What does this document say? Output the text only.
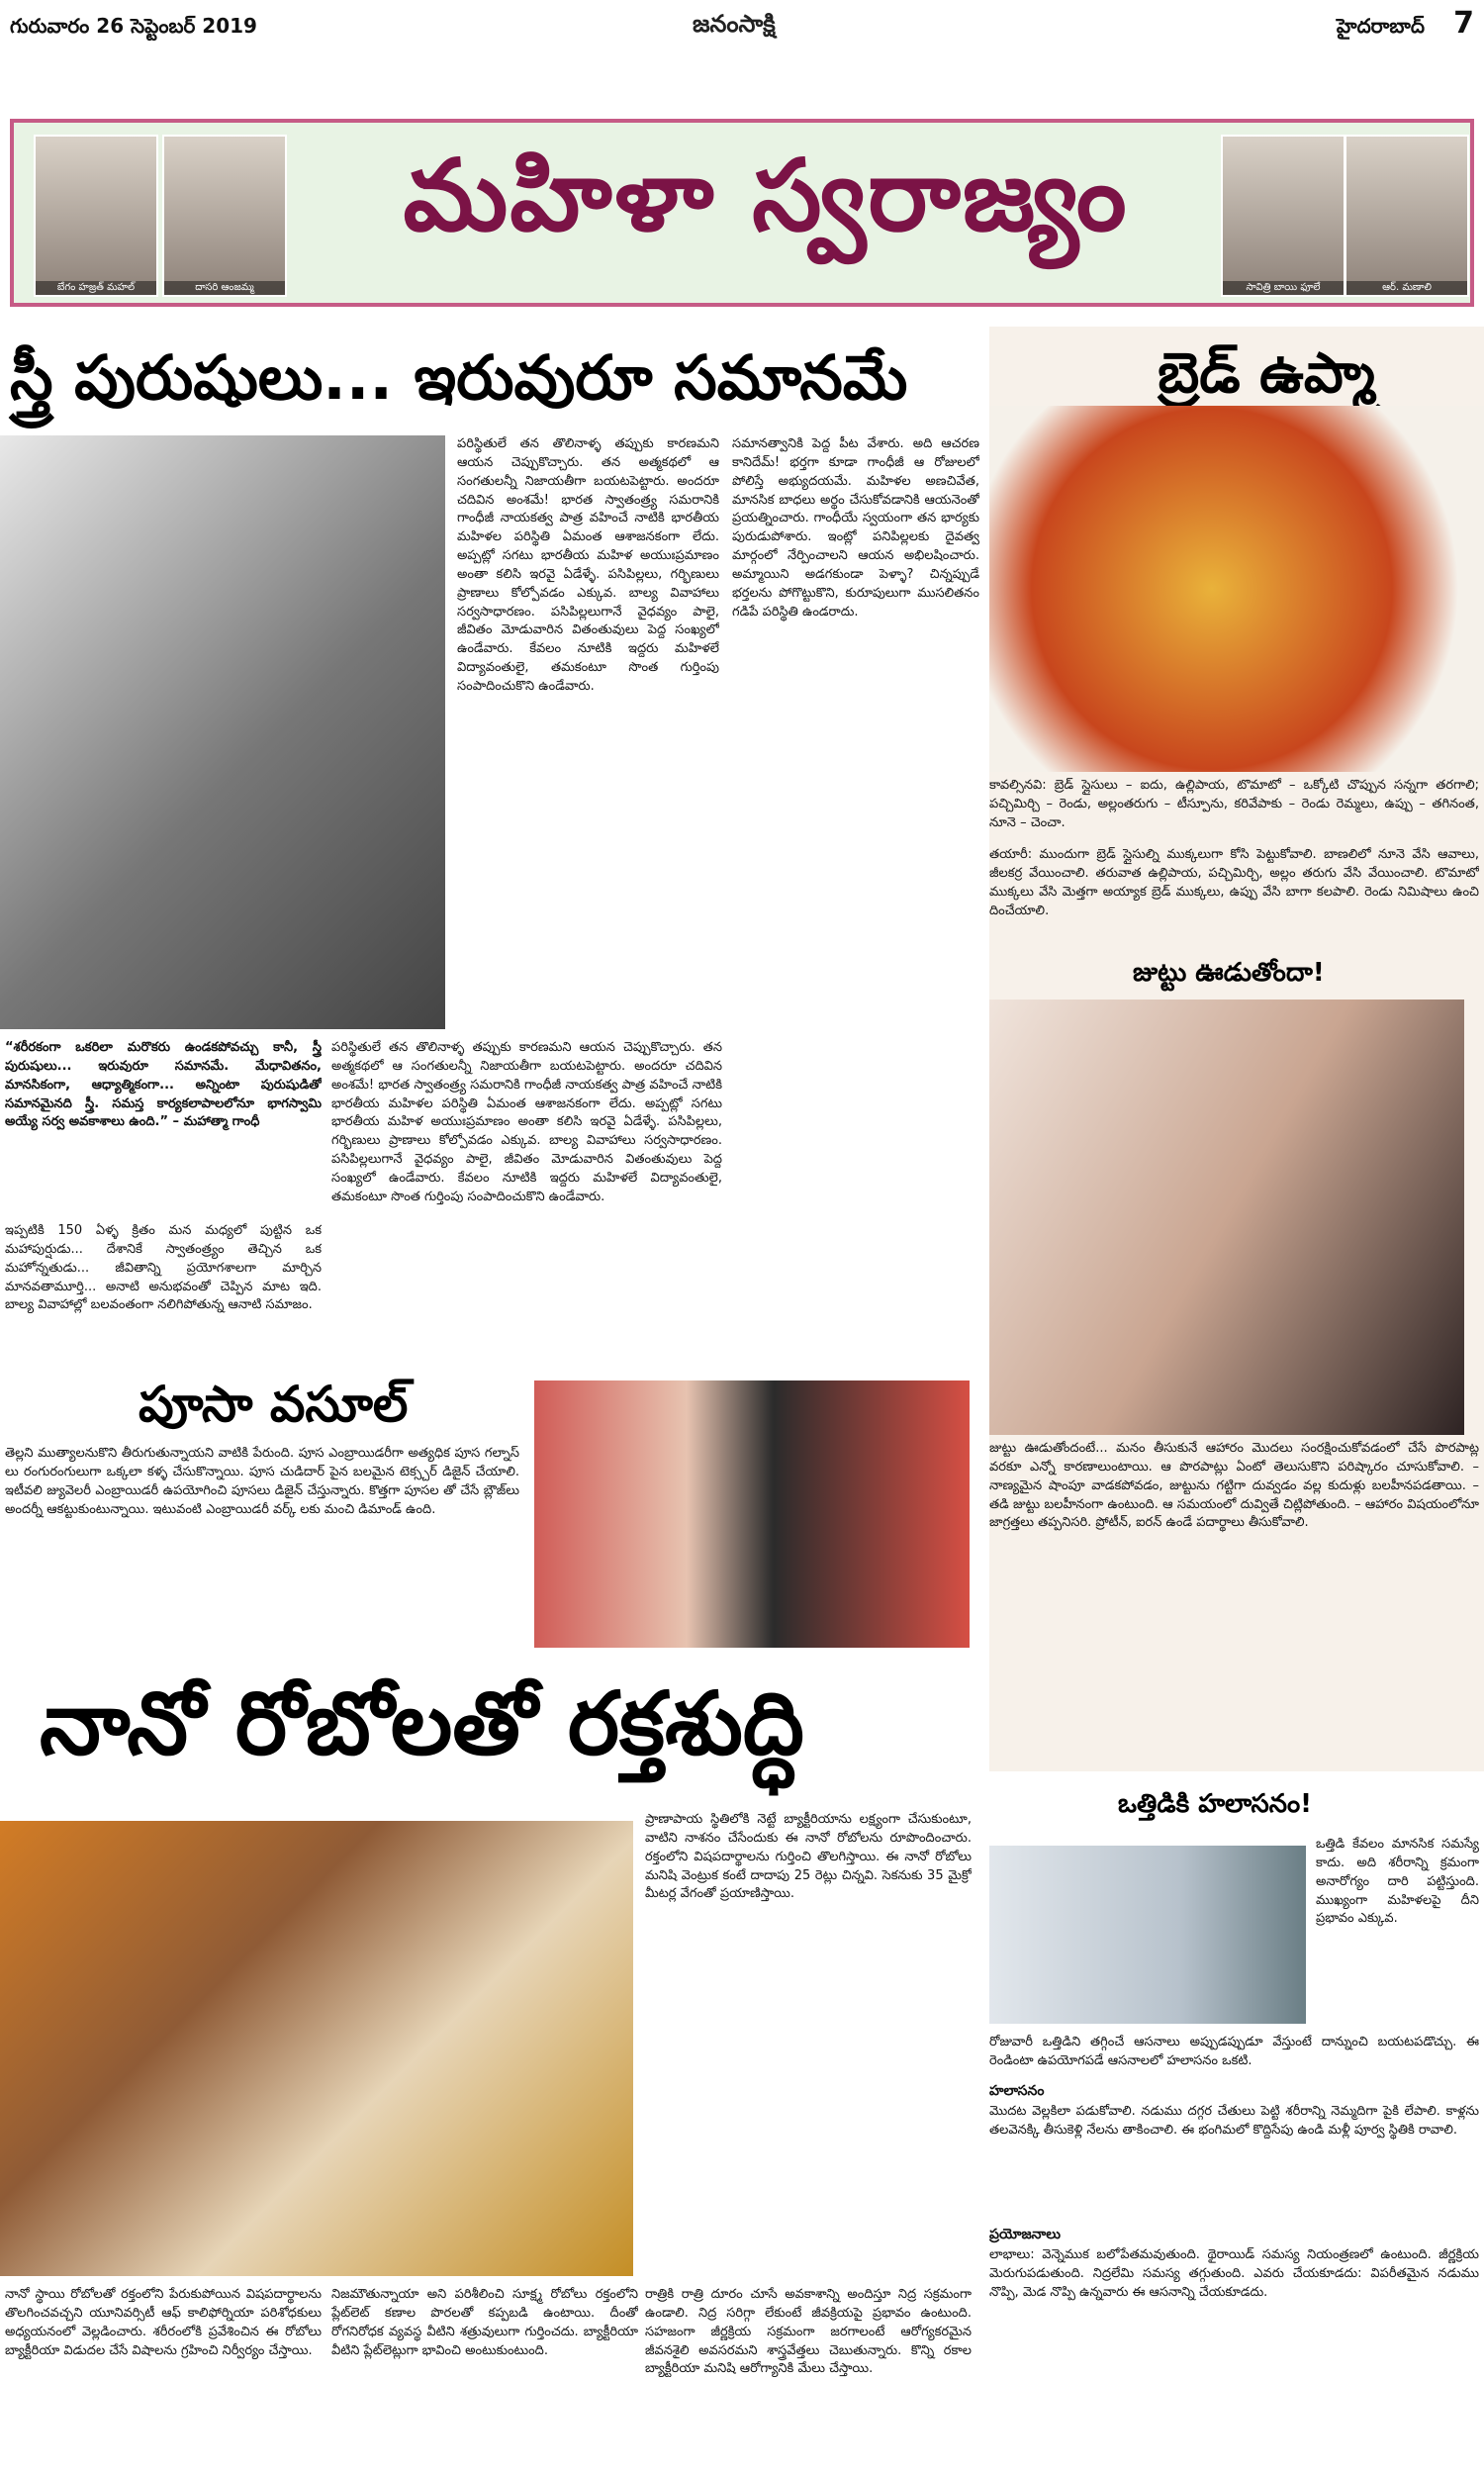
గురువారం 26 సెప్టెంబర్ 2019	జనంసాక్షి	హైదరాబాద్ 7
బేగం హజ్రత్ మహల్	దాసరి ఆంజమ్మ
మహిళా స్వరాజ్యం
సావిత్రి బాయి ఫూలే	ఆర్. మణాలి
స్త్రీ పురుషులు... ఇరువురూ సమానమే
పరిస్థితులే తన తొలినాళ్ళ తప్పుకు కారణమని ఆయన చెప్పుకొచ్చారు. తన అత్మకథలో ఆ సంగతులన్నీ నిజాయతీగా బయటపెట్టారు. అందరూ చదివిన అంశమే! భారత స్వాతంత్ర్య సమరానికి గాంధీజీ నాయకత్వ పాత్ర వహించే నాటికి భారతీయ మహిళల పరిస్థితి ఏమంత ఆశాజనకంగా లేదు. అప్పట్లో సగటు భారతీయ మహిళ అయుఃప్రమాణం అంతా కలిసి ఇరవై ఏడేళ్ళే. పసిపిల్లలు, గర్భిణులు ప్రాణాలు కోల్పోవడం ఎక్కువ. బాల్య వివాహాలు సర్వసాధారణం. పసిపిల్లలుగానే వైధవ్యం పాలై, జీవితం మోడువారిన వితంతువులు పెద్ద సంఖ్యలో ఉండేవారు. కేవలం నూటికి ఇద్దరు మహిళలే విద్యావంతులై, తమకంటూ సొంత గుర్తింపు సంపాదించుకొని ఉండేవారు.
సమానత్వానికి పెద్ద పీట వేశారు. అది ఆచరణ కానిదేమ్! భర్తగా కూడా గాంధీజీ ఆ రోజులలో పోలిస్తే అభ్యుదయమే. మహిళల అణచివేత, మానసిక బాధలు అర్థం చేసుకోవడానికి ఆయనెంతో ప్రయత్నించారు. గాంధీయే స్వయంగా తన భార్యకు పురుడుపోశారు. ఇంట్లో పనిపిల్లలకు దైవత్వ మార్గంలో నేర్పించాలని ఆయన అభిలషించారు. అమ్మాయిని అడగకుండా పెళ్ళా? చిన్నప్పుడే భర్తలను పోగొట్టుకొని, కురూపులుగా ముసలితనం గడిపే పరిస్థితి ఉండరాదు.
“శరీరకంగా ఒకరిలా మరొకరు ఉండకపోవచ్చు కానీ, స్త్రీ పురుషులు... ఇరువురూ సమానమే. మేధావితనం, మానసికంగా, ఆధ్యాత్మికంగా... అన్నింటా పురుషుడితో సమానమైనది స్త్రీ. సమస్త కార్యకలాపాలలోనూ భాగస్వామి అయ్యే సర్వ అవకాశాలు ఉంది.” – మహాత్మా గాంధీ
ఇప్పటికి 150 ఏళ్ళ క్రితం మన మధ్యలో పుట్టిన ఒక మహాపుర్షుడు... దేశానికే స్వాతంత్ర్యం తెచ్చిన ఒక మహోన్నతుడు... జీవితాన్ని ప్రయోగశాలగా మార్చిన మానవతామూర్తి... అనాటి అనుభవంతో చెప్పిన మాట ఇది. బాల్య వివాహాల్లో బలవంతంగా నలిగిపోతున్న ఆనాటి సమాజం.
పరిస్థితులే తన తొలినాళ్ళ తప్పుకు కారణమని ఆయన చెప్పుకొచ్చారు. తన అత్మకథలో ఆ సంగతులన్నీ నిజాయతీగా బయటపెట్టారు. అందరూ చదివిన అంశమే! భారత స్వాతంత్ర్య సమరానికి గాంధీజీ నాయకత్వ పాత్ర వహించే నాటికి భారతీయ మహిళల పరిస్థితి ఏమంత ఆశాజనకంగా లేదు. అప్పట్లో సగటు భారతీయ మహిళ అయుఃప్రమాణం అంతా కలిసి ఇరవై ఏడేళ్ళే. పసిపిల్లలు, గర్భిణులు ప్రాణాలు కోల్పోవడం ఎక్కువ. బాల్య వివాహాలు సర్వసాధారణం. పసిపిల్లలుగానే వైధవ్యం పాలై, జీవితం మోడువారిన వితంతువులు పెద్ద సంఖ్యలో ఉండేవారు. కేవలం నూటికి ఇద్దరు మహిళలే విద్యావంతులై, తమకంటూ సొంత గుర్తింపు సంపాదించుకొని ఉండేవారు.
పూసా వసూల్
తెల్లని ముత్యాలనుకొని తీరుగుతున్నాయని వాటికి పేరుంది. పూస ఎంబ్రాయిడరీగా అత్యధిక పూస గల్నాస్ లు రంగురంగులుగా ఒక్కలా కళ్ళ చేసుకొన్నాయి. పూస చుడిదార్ పైన బలమైన టెక్స్చర్ డిజైన్ చేయాలి. ఇటీవలి జ్యువెలరీ ఎంబ్రాయిడరీ ఉపయోగించి పూసలు డిజైన్ చేస్తున్నారు. కొత్తగా పూసల తో చేసే బ్లౌజ్‌లు అందర్నీ ఆకట్టుకుంటున్నాయి. ఇటువంటి ఎంబ్రాయిడరీ వర్క్ లకు మంచి డిమాండ్ ఉంది.
నానో రోబోలతో రక్తశుద్ధి
ప్రాణాపాయ స్థితిలోకి నెట్టే బ్యాక్టీరియాను లక్ష్యంగా చేసుకుంటూ, వాటిని నాశనం చేసేందుకు ఈ నానో రోబోలను రూపొందించారు. రక్తంలోని విషపదార్థాలను గుర్తించి తొలగిస్తాయి. ఈ నానో రోబోలు మనిషి వెంట్రుక కంటే దాదాపు 25 రెట్లు చిన్నవి. సెకనుకు 35 మైక్రో మీటర్ల వేగంతో ప్రయాణిస్తాయి.
నానో స్థాయి రోబోలతో రక్తంలోని పేరుకుపోయిన విషపదార్థాలను తొలగించవచ్చని యూనివర్సిటీ ఆఫ్ కాలిఫోర్నియా పరిశోధకులు అధ్యయనంలో వెల్లడించారు. శరీరంలోకి ప్రవేశించిన ఈ రోబోలు బ్యాక్టీరియా విడుదల చేసే విషాలను గ్రహించి నిర్వీర్యం చేస్తాయి.
నిజమౌతున్నాయా అని పరిశీలించి సూక్ష్మ రోబోలు రక్తంలోని ప్లేట్‌లెట్ కణాల పొరలతో కప్పబడి ఉంటాయి. దీంతో రోగనిరోధక వ్యవస్థ వీటిని శత్రువులుగా గుర్తించదు. బ్యాక్టీరియా వీటిని ప్లేట్‌లెట్లుగా భావించి అంటుకుంటుంది.
రాత్రికి రాత్రి దూరం చూసే అవకాశాన్ని అందిస్తూ నిద్ర సక్రమంగా ఉండాలి. నిద్ర సరిగ్గా లేకుంటే జీవక్రియపై ప్రభావం ఉంటుంది. సహజంగా జీర్ణక్రియ సక్రమంగా జరగాలంటే ఆరోగ్యకరమైన జీవనశైలి అవసరమని శాస్త్రవేత్తలు చెబుతున్నారు. కొన్ని రకాల బ్యాక్టీరియా మనిషి ఆరోగ్యానికి మేలు చేస్తాయి.
బ్రెడ్ ఉప్మా
కావల్సినవి: బ్రెడ్ స్లైసులు – ఐదు, ఉల్లిపాయ, టొమాటో – ఒక్కోటి చొప్పున సన్నగా తరగాలి; పచ్చిమిర్చి – రెండు, అల్లంతరుగు – టీస్పూను, కరివేపాకు – రెండు రెమ్మలు, ఉప్పు – తగినంత, నూనె – చెంచా.
తయారీ: ముందుగా బ్రెడ్ స్లైసుల్ని ముక్కలుగా కోసి పెట్టుకోవాలి. బాణలిలో నూనె వేసి ఆవాలు, జీలకర్ర వేయించాలి. తరువాత ఉల్లిపాయ, పచ్చిమిర్చి, అల్లం తరుగు వేసి వేయించాలి. టొమాటో ముక్కలు వేసి మెత్తగా అయ్యాక బ్రెడ్ ముక్కలు, ఉప్పు వేసి బాగా కలపాలి. రెండు నిమిషాలు ఉంచి దించేయాలి.
జుట్టు ఊడుతోందా!
జుట్టు ఊడుతోందంటే... మనం తీసుకునే ఆహారం మొదలు సంరక్షించుకోవడంలో చేసే పొరపాట్ల వరకూ ఎన్నో కారణాలుంటాయి. ఆ పొరపాట్లు ఏంటో తెలుసుకొని పరిష్కారం చూసుకోవాలి. – నాణ్యమైన షాంపూ వాడకపోవడం, జుట్టును గట్టిగా దువ్వడం వల్ల కుదుళ్లు బలహీనపడతాయి. – తడి జుట్టు బలహీనంగా ఉంటుంది. ఆ సమయంలో దువ్వితే చిట్లిపోతుంది. – ఆహారం విషయంలోనూ జాగ్రత్తలు తప్పనిసరి. ప్రోటీన్, ఐరన్ ఉండే పదార్థాలు తీసుకోవాలి.
ఒత్తిడికి హలాసనం!
ఒత్తిడి కేవలం మానసిక సమస్యే కాదు. అది శరీరాన్ని క్రమంగా అనారోగ్యం దారి పట్టిస్తుంది. ముఖ్యంగా మహిళలపై దీని ప్రభావం ఎక్కువ.
రోజువారీ ఒత్తిడిని తగ్గించే ఆసనాలు అప్పుడప్పుడూ వేస్తుంటే దాన్నుంచి బయటపడొచ్చు. ఈ రెండింటా ఉపయోగపడే ఆసనాలలో హలాసనం ఒకటి.
హలాసనం
మొదట వెల్లకిలా పడుకోవాలి. నడుము దగ్గర చేతులు పెట్టి శరీరాన్ని నెమ్మదిగా పైకి లేపాలి. కాళ్లను తలవెనక్కి తీసుకెళ్లి నేలను తాకించాలి. ఈ భంగిమలో కొద్దిసేపు ఉండి మళ్లీ పూర్వ స్థితికి రావాలి.
ప్రయోజనాలు
లాభాలు: వెన్నెముక బలోపేతమవుతుంది. థైరాయిడ్ సమస్య నియంత్రణలో ఉంటుంది. జీర్ణక్రియ మెరుగుపడుతుంది. నిద్రలేమి సమస్య తగ్గుతుంది. ఎవరు చేయకూడదు: విపరీతమైన నడుము నొప్పి, మెడ నొప్పి ఉన్నవారు ఈ ఆసనాన్ని చేయకూడదు.
